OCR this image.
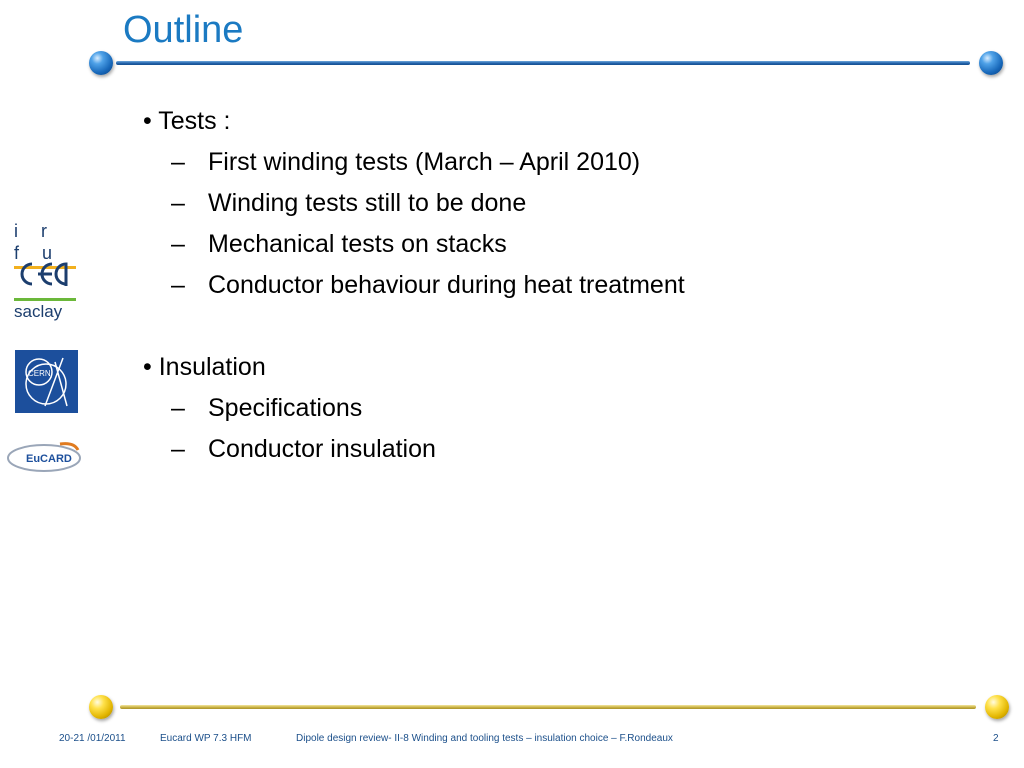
Outline
• Tests :
– First winding tests (March – April 2010)
– Winding tests still to be done
– Mechanical tests on stacks
– Conductor behaviour during heat treatment
• Insulation
– Specifications
– Conductor insulation
i r f u
saclay
CERN
EuCARD
20-21 /01/2011	Eucard WP 7.3 HFM	Dipole design review- II-8 Winding and tooling tests – insulation choice – F.Rondeaux	2
